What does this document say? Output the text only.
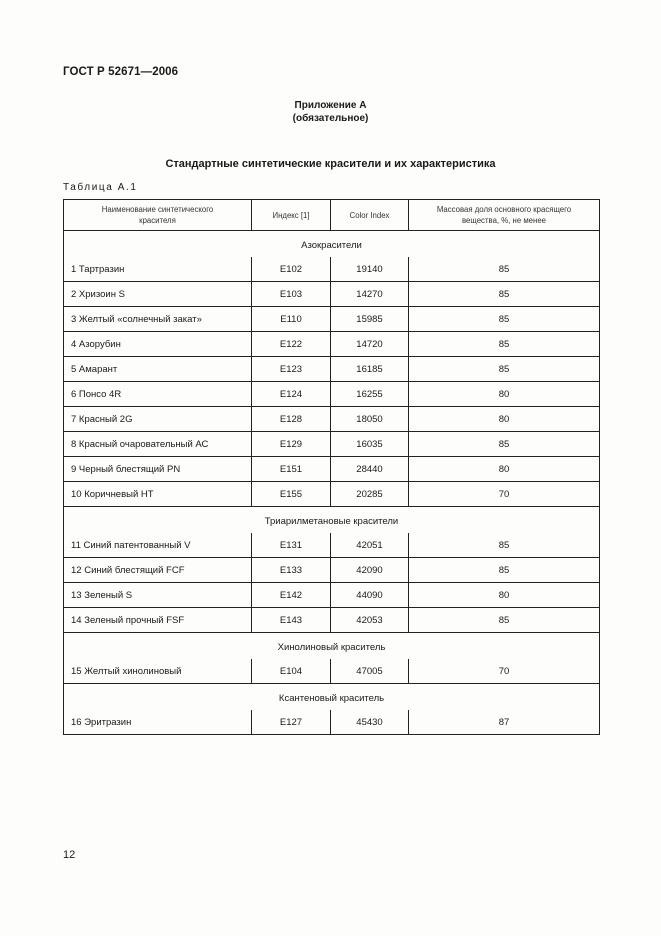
ГОСТ Р 52671—2006
Приложение А
(обязательное)
Стандартные синтетические красители и их характеристика
Таблица А.1
Наименование синтетического красителя	Индекс [1]	Color Index	Массовая доля основного красящего вещества, %, не менее

Азокрасители			
1 Тартразин	E102	19140	85
2 Хризоин S	E103	14270	85
3 Желтый «солнечный закат»	E110	15985	85
4 Азорубин	E122	14720	85
5 Амарант	E123	16185	85
6 Понсо 4R	E124	16255	80
7 Красный 2G	E128	18050	80
8 Красный очаровательный АС	E129	16035	85
9 Черный блестящий PN	E151	28440	80
10 Коричневый НТ	E155	20285	70
Триарилметановые красители			
11 Синий патентованный V	E131	42051	85
12 Синий блестящий FCF	E133	42090	85
13 Зеленый S	E142	44090	80
14 Зеленый прочный FSF	E143	42053	85
Хинолиновый краситель			
15 Желтый хинолиновый	E104	47005	70
Ксантеновый краситель			
16 Эритразин	E127	45430	87
12
